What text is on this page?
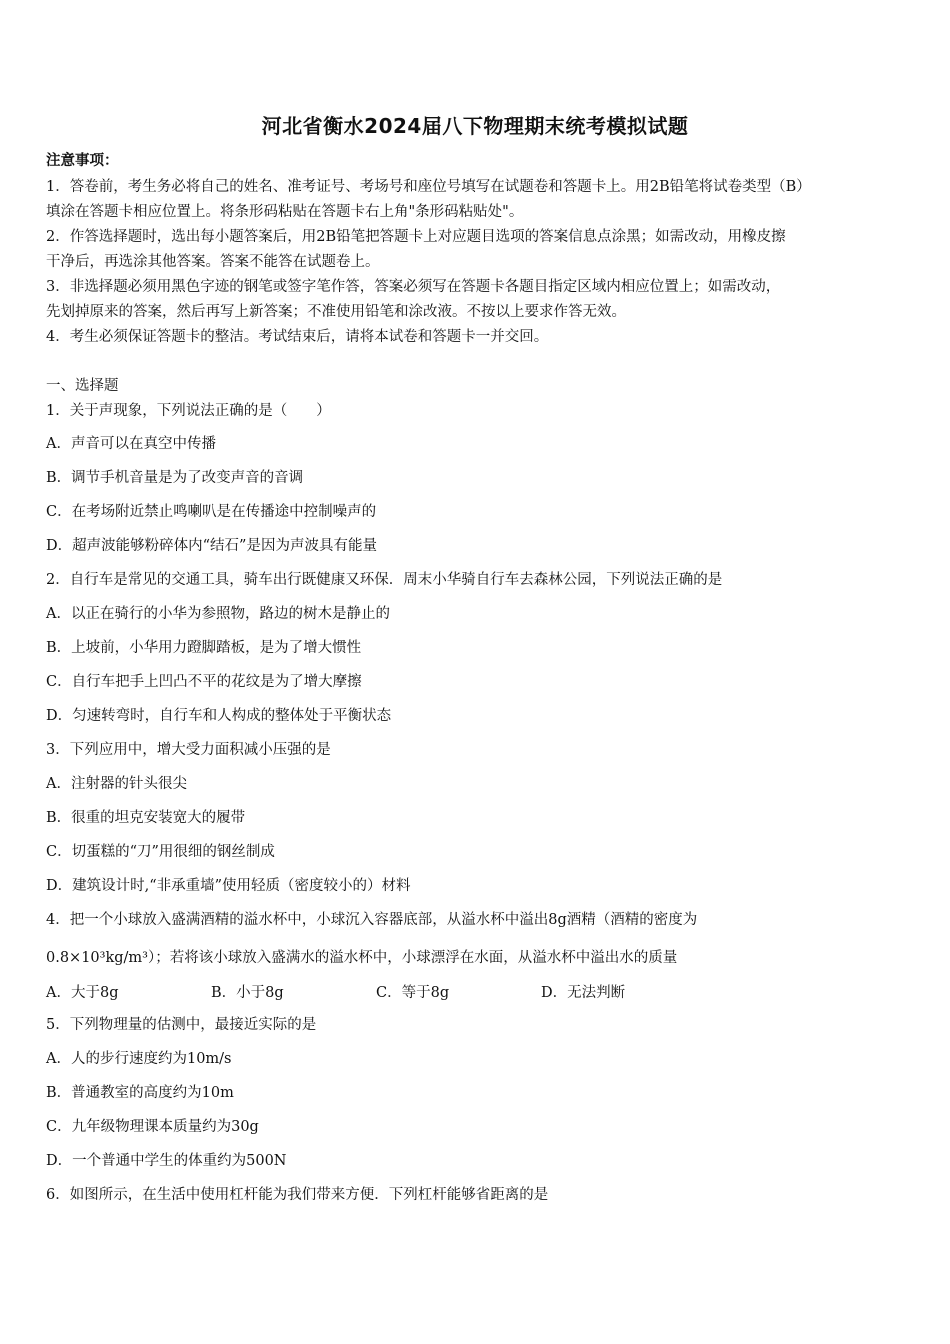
河北省衡水2024届八下物理期末统考模拟试题
注意事项：
1．答卷前，考生务必将自己的姓名、准考证号、考场号和座位号填写在试题卷和答题卡上。用2B铅笔将试卷类型（B）
填涂在答题卡相应位置上。将条形码粘贴在答题卡右上角"条形码粘贴处"。
2．作答选择题时，选出每小题答案后，用2B铅笔把答题卡上对应题目选项的答案信息点涂黑；如需改动，用橡皮擦
干净后，再选涂其他答案。答案不能答在试题卷上。
3．非选择题必须用黑色字迹的钢笔或签字笔作答，答案必须写在答题卡各题目指定区域内相应位置上；如需改动，
先划掉原来的答案，然后再写上新答案；不准使用铅笔和涂改液。不按以上要求作答无效。
4．考生必须保证答题卡的整洁。考试结束后，请将本试卷和答题卡一并交回。
一、选择题
1．关于声现象，下列说法正确的是（　　）
A．声音可以在真空中传播
B．调节手机音量是为了改变声音的音调
C．在考场附近禁止鸣喇叭是在传播途中控制噪声的
D．超声波能够粉碎体内“结石”是因为声波具有能量
2．自行车是常见的交通工具，骑车出行既健康又环保．周末小华骑自行车去森林公园，下列说法正确的是
A．以正在骑行的小华为参照物，路边的树木是静止的
B．上坡前，小华用力蹬脚踏板，是为了增大惯性
C．自行车把手上凹凸不平的花纹是为了增大摩擦
D．匀速转弯时，自行车和人构成的整体处于平衡状态
3．下列应用中，增大受力面积减小压强的是
A．注射器的针头很尖
B．很重的坦克安装宽大的履带
C．切蛋糕的“刀”用很细的钢丝制成
D．建筑设计时,“非承重墙”使用轻质（密度较小的）材料
4．把一个小球放入盛满酒精的溢水杯中，小球沉入容器底部，从溢水杯中溢出8g酒精（酒精的密度为
0.8×10³kg/m³）；若将该小球放入盛满水的溢水杯中，小球漂浮在水面，从溢水杯中溢出水的质量
A．大于8g	B．小于8g	C．等于8g	D．无法判断
5．下列物理量的估测中，最接近实际的是
A．人的步行速度约为10m/s
B．普通教室的高度约为10m
C．九年级物理课本质量约为30g
D．一个普通中学生的体重约为500N
6．如图所示，在生活中使用杠杆能为我们带来方便．下列杠杆能够省距离的是
